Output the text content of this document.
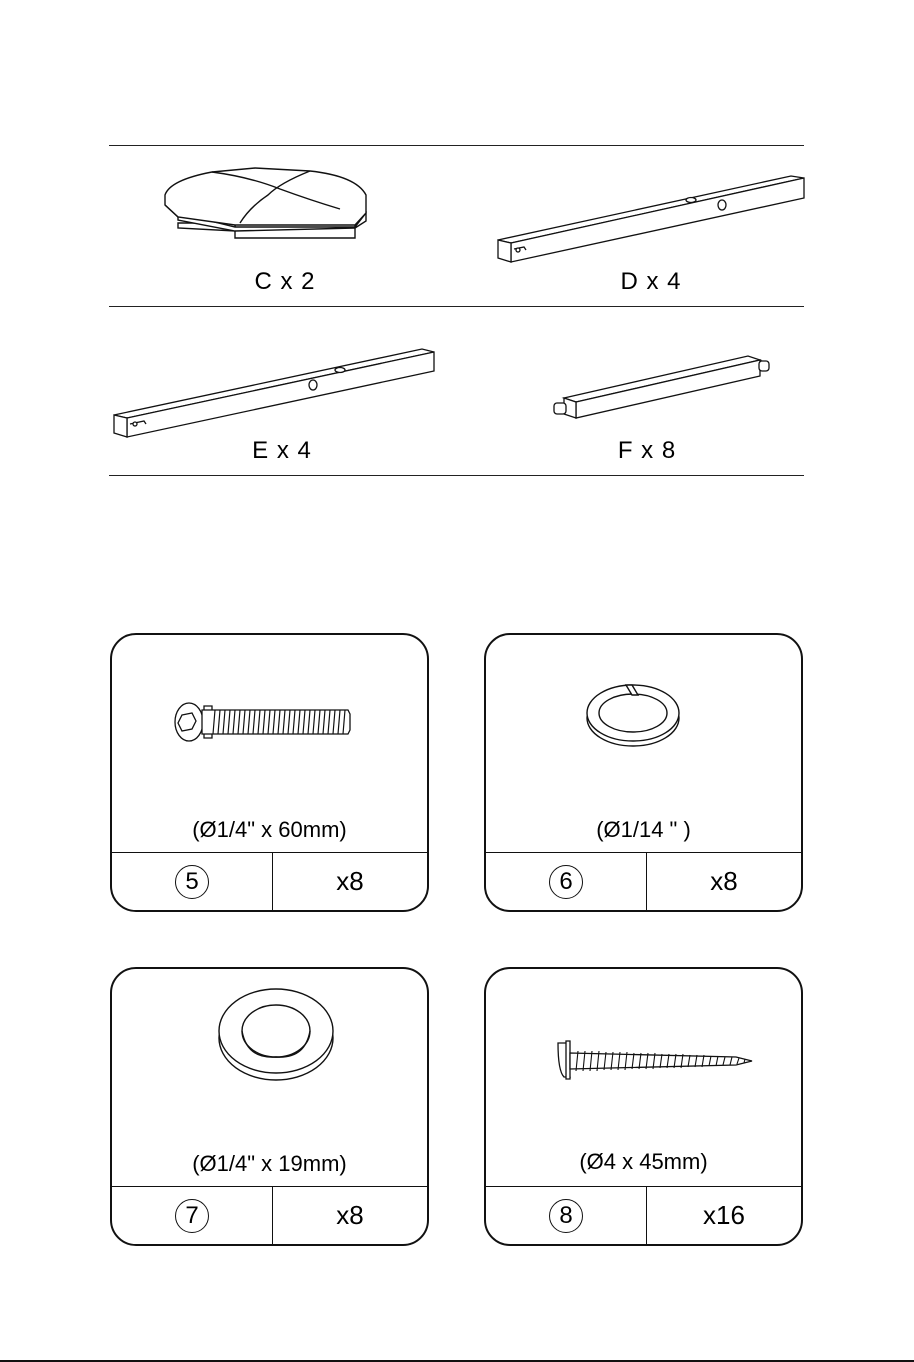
C x 2	D x 4
E x 4	F x 8
(Ø1/4" x 60mm)
5	x8
(Ø1/14 " )
6	x8
(Ø1/4" x 19mm)
7	x8
(Ø4 x 45mm)
8	x16
